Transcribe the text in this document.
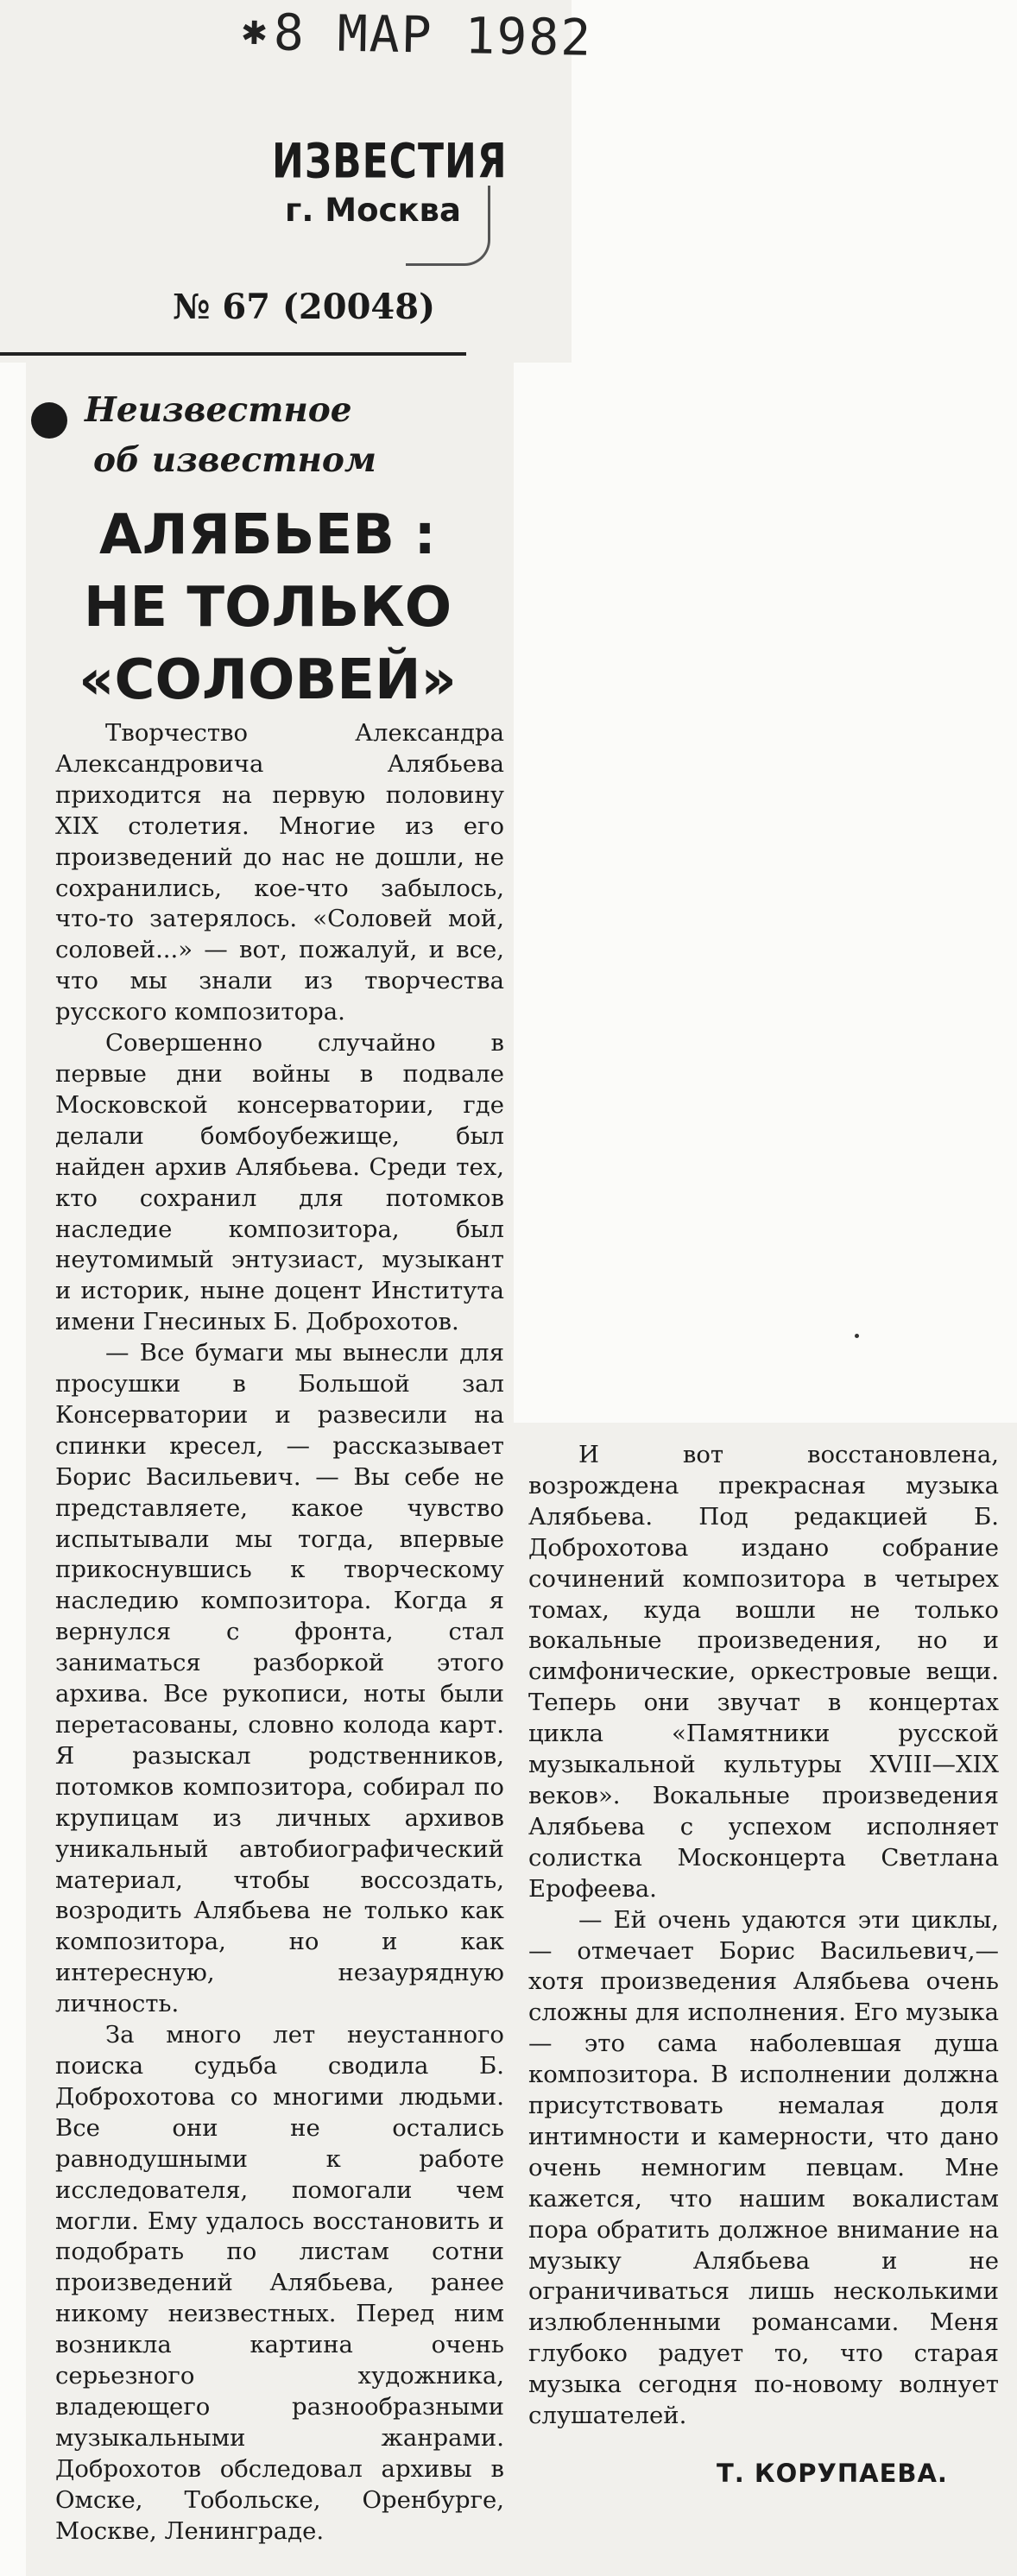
✱8 МАР 1982
ИЗВЕСТИЯ
г. Москва
№ 67 (20048)
Неизвестное
об известном
АЛЯБЬЕВ :
НЕ ТОЛЬКО
«СОЛОВЕЙ»

Творчество Александра Александровича Алябьева приходится на первую половину XIX столетия. Многие из его произведений до нас не дошли, не сохранились, кое-что забылось, что-то затерялось. «Соловей мой, соловей...» — вот, пожалуй, и все, что мы знали из творчества русского композитора.

Совершенно случайно в первые дни войны в подвале Московской консерватории, где делали бомбоубежище, был найден архив Алябьева. Среди тех, кто сохранил для потомков наследие композитора, был неутомимый энтузиаст, музыкант и историк, ныне доцент Института имени Гнесиных Б. Доброхотов.

— Все бумаги мы вынесли для просушки в Большой зал Консерватории и развесили на спинки кресел, — рассказывает Борис Васильевич. — Вы себе не представляете, какое чувство испытывали мы тогда, впервые прикоснувшись к творческому наследию композитора. Когда я вернулся с фронта, стал заниматься разборкой этого архива. Все рукописи, ноты были перетасованы, словно колода карт. Я разыскал родственников, потомков композитора, собирал по крупицам из личных архивов уникальный автобиографический материал, чтобы воссоздать, возродить Алябьева не только как композитора, но и как интересную, незаурядную личность.

За много лет неустанного поиска судьба сводила Б. Доброхотова со многими людьми. Все они не остались равнодушными к работе исследователя, помогали чем могли. Ему удалось восстановить и подобрать по листам сотни произведений Алябьева, ранее никому неизвестных. Перед ним возникла картина очень серьезного художника, владеющего разнообразными музыкальными жанрами. Доброхотов обследовал архивы в Омске, Тобольске, Оренбурге, Москве, Ленинграде.

И вот восстановлена, возрождена прекрасная музыка Алябьева. Под редакцией Б. Доброхотова издано собрание сочинений композитора в четырех томах, куда вошли не только вокальные произведения, но и симфонические, оркестровые вещи. Теперь они звучат в концертах цикла «Памятники русской музыкальной культуры XVIII—XIX веков». Вокальные произведения Алябьева с успехом исполняет солистка Москонцерта Светлана Ерофеева.

— Ей очень удаются эти циклы,— отмечает Борис Васильевич,— хотя произведения Алябьева очень сложны для исполнения. Его музыка — это сама наболевшая душа композитора. В исполнении должна присутствовать немалая доля интимности и камерности, что дано очень немногим певцам. Мне кажется, что нашим вокалистам пора обратить должное внимание на музыку Алябьева и не ограничиваться лишь несколькими излюбленными романсами. Меня глубоко радует то, что старая музыка сегодня по-новому волнует слушателей.

Т. КОРУПАЕВА.
